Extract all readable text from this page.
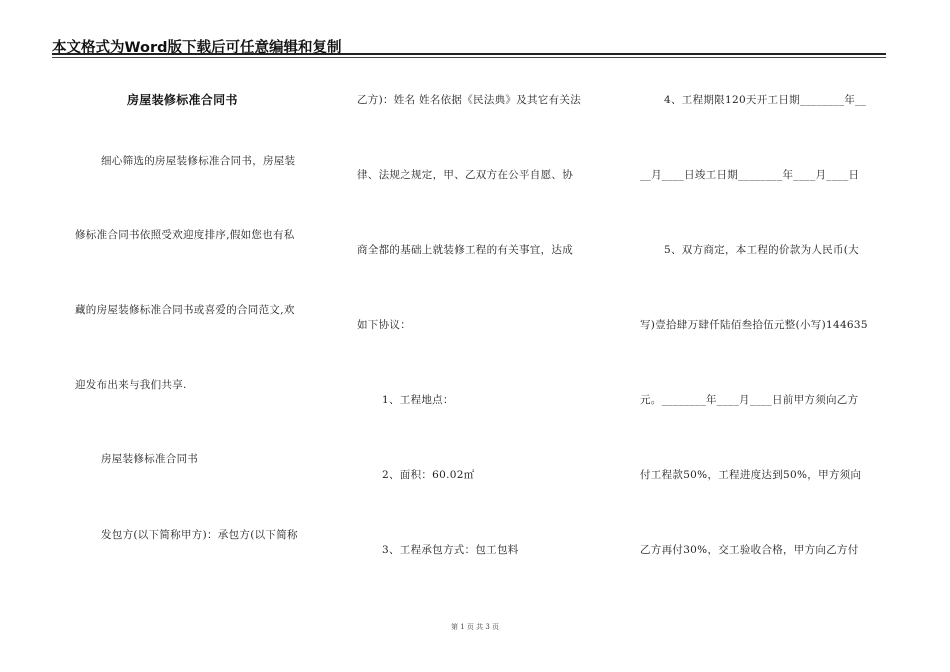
本文格式为Word版下载后可任意编辑和复制
房屋装修标准合同书
细心筛选的房屋装修标准合同书，房屋装
修标准合同书依照受欢迎度排序,假如您也有私
藏的房屋装修标准合同书或喜爱的合同范文,欢
迎发布出来与我们共享.
房屋装修标准合同书
发包方(以下简称甲方)：承包方(以下简称
乙方)：姓名 姓名依据《民法典》及其它有关法
律、法规之规定，甲、乙双方在公平自愿、协
商全都的基础上就装修工程的有关事宜，达成
如下协议：
1、工程地点：
2、面积：60.02㎡
3、工程承包方式：包工包料
4、工程期限120天开工日期________年__
__月____日竣工日期________年____月____日
5、双方商定，本工程的价款为人民币(大
写)壹拾肆万肆仟陆佰叁拾伍元整(小写)144635
元。________年____月____日前甲方须向乙方
付工程款50%，工程进度达到50%，甲方须向
乙方再付30%，交工验收合格，甲方向乙方付
第 1 页 共 3 页
